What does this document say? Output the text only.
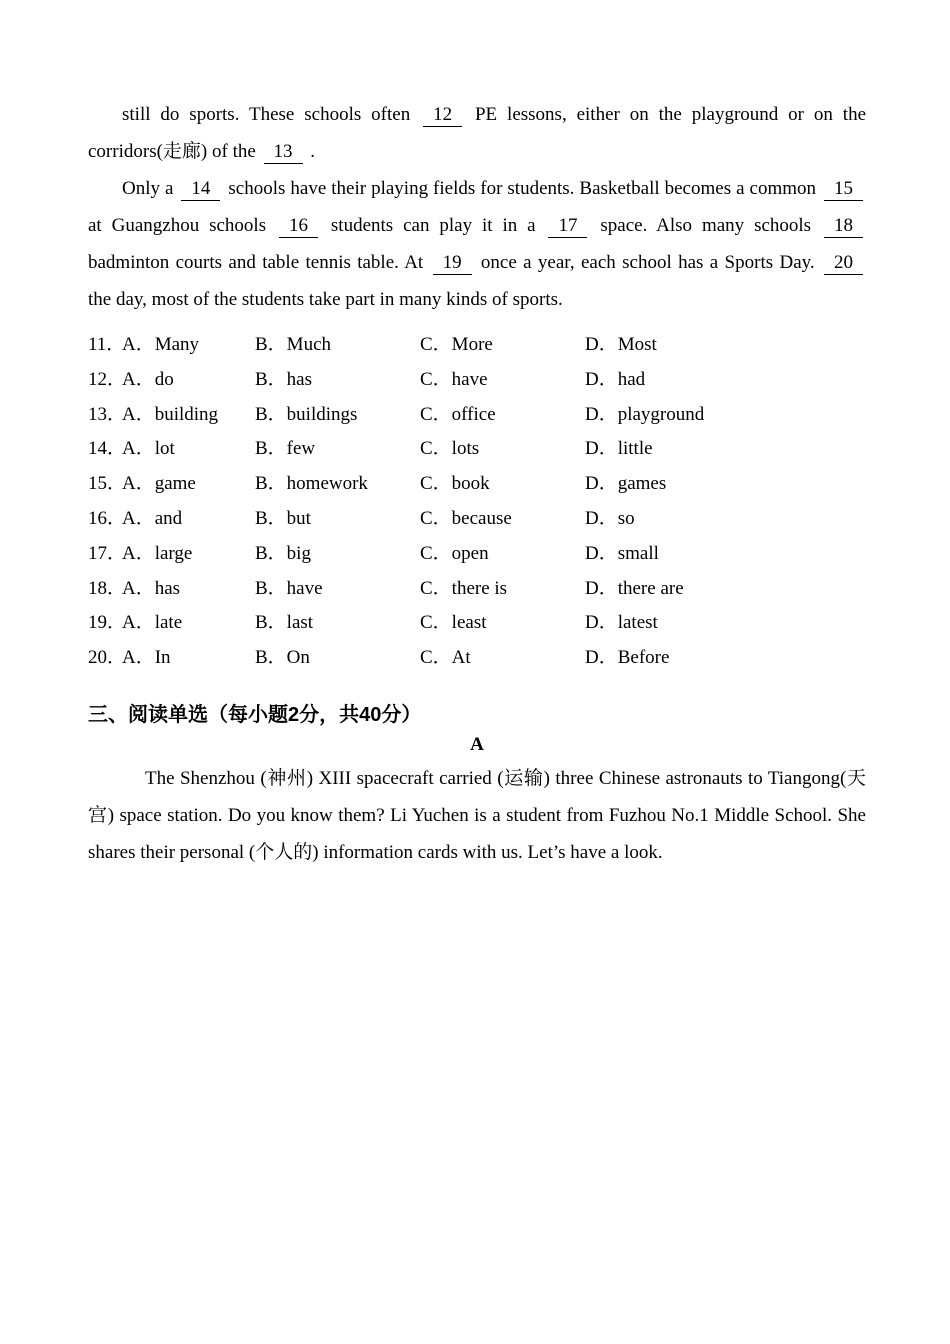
still do sports. These schools often 12 PE lessons, either on the playground or on the corridors(走廊) of the 13 .

Only a 14 schools have their playing fields for students. Basketball becomes a common 15 at Guangzhou schools 16 students can play it in a 17 space. Also many schools 18 badminton courts and table tennis table. At 19 once a year, each school has a Sports Day. 20 the day, most of the students take part in many kinds of sports.

11．
A．Many	B．Much	C．More	D．Most
12．
A．do	B．has	C．have	D．had
13．
A．building	B．buildings	C．office	D．playground
14．
A．lot	B．few	C．lots	D．little
15．
A．game	B．homework	C．book	D．games
16．
A．and	B．but	C．because	D．so
17．
A．large	B．big	C．open	D．small
18．
A．has	B．have	C．there is	D．there are
19．
A．late	B．last	C．least	D．latest
20．
A．In	B．On	C．At	D．Before
三、阅读单选（每小题2分，共40分）
A

The Shenzhou (神州) XIII spacecraft carried (运输) three Chinese astronauts to Tiangong(天宫) space station. Do you know them? Li Yuchen is a student from Fuzhou No.1 Middle School. She shares their personal (个人的) information cards with us. Let’s have a look.
